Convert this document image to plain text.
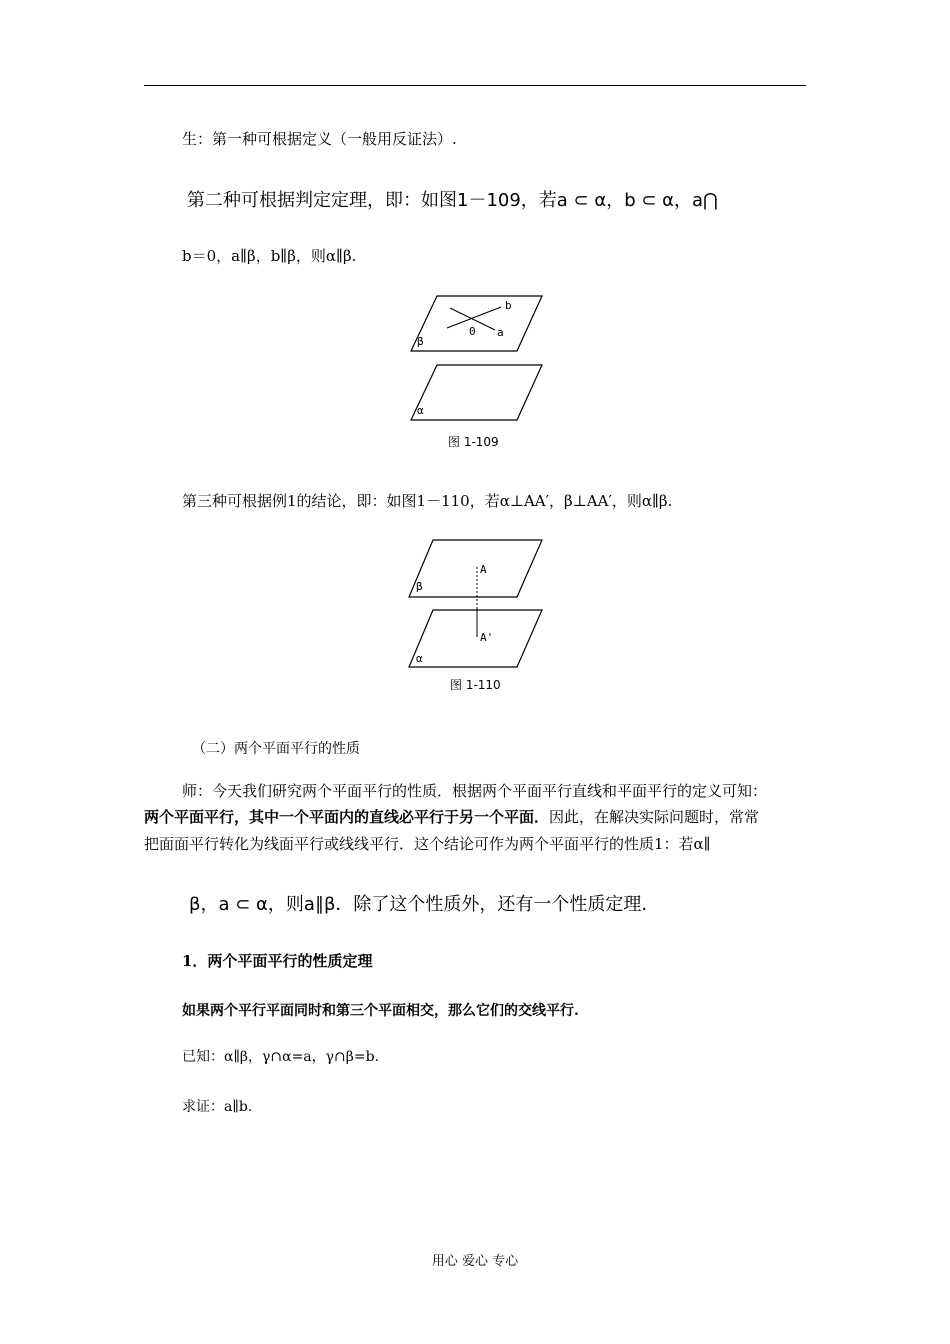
生：第一种可根据定义（一般用反证法）.
第二种可根据判定定理，即：如图1－109，若a ⊂ α，b ⊂ α，a⋂
b＝0，a∥β，b∥β，则α∥β.
b
a
0
β
α
图 1-109
第三种可根据例1的结论，即：如图1－110，若α⊥AA′，β⊥AA′，则α∥β.
A
A'
β
α
图 1-110
（二）两个平面平行的性质
师：今天我们研究两个平面平行的性质．根据两个平面平行直线和平面平行的定义可知：
两个平面平行，其中一个平面内的直线必平行于另一个平面．因此，在解决实际问题时，常常
把面面平行转化为线面平行或线线平行．这个结论可作为两个平面平行的性质1：若α∥
β，a ⊂ α，则a∥β．除了这个性质外，还有一个性质定理.
1．两个平面平行的性质定理
如果两个平行平面同时和第三个平面相交，那么它们的交线平行.
已知：α∥β，γ∩α=a，γ∩β=b.
求证：a∥b.
用心 爱心 专心
